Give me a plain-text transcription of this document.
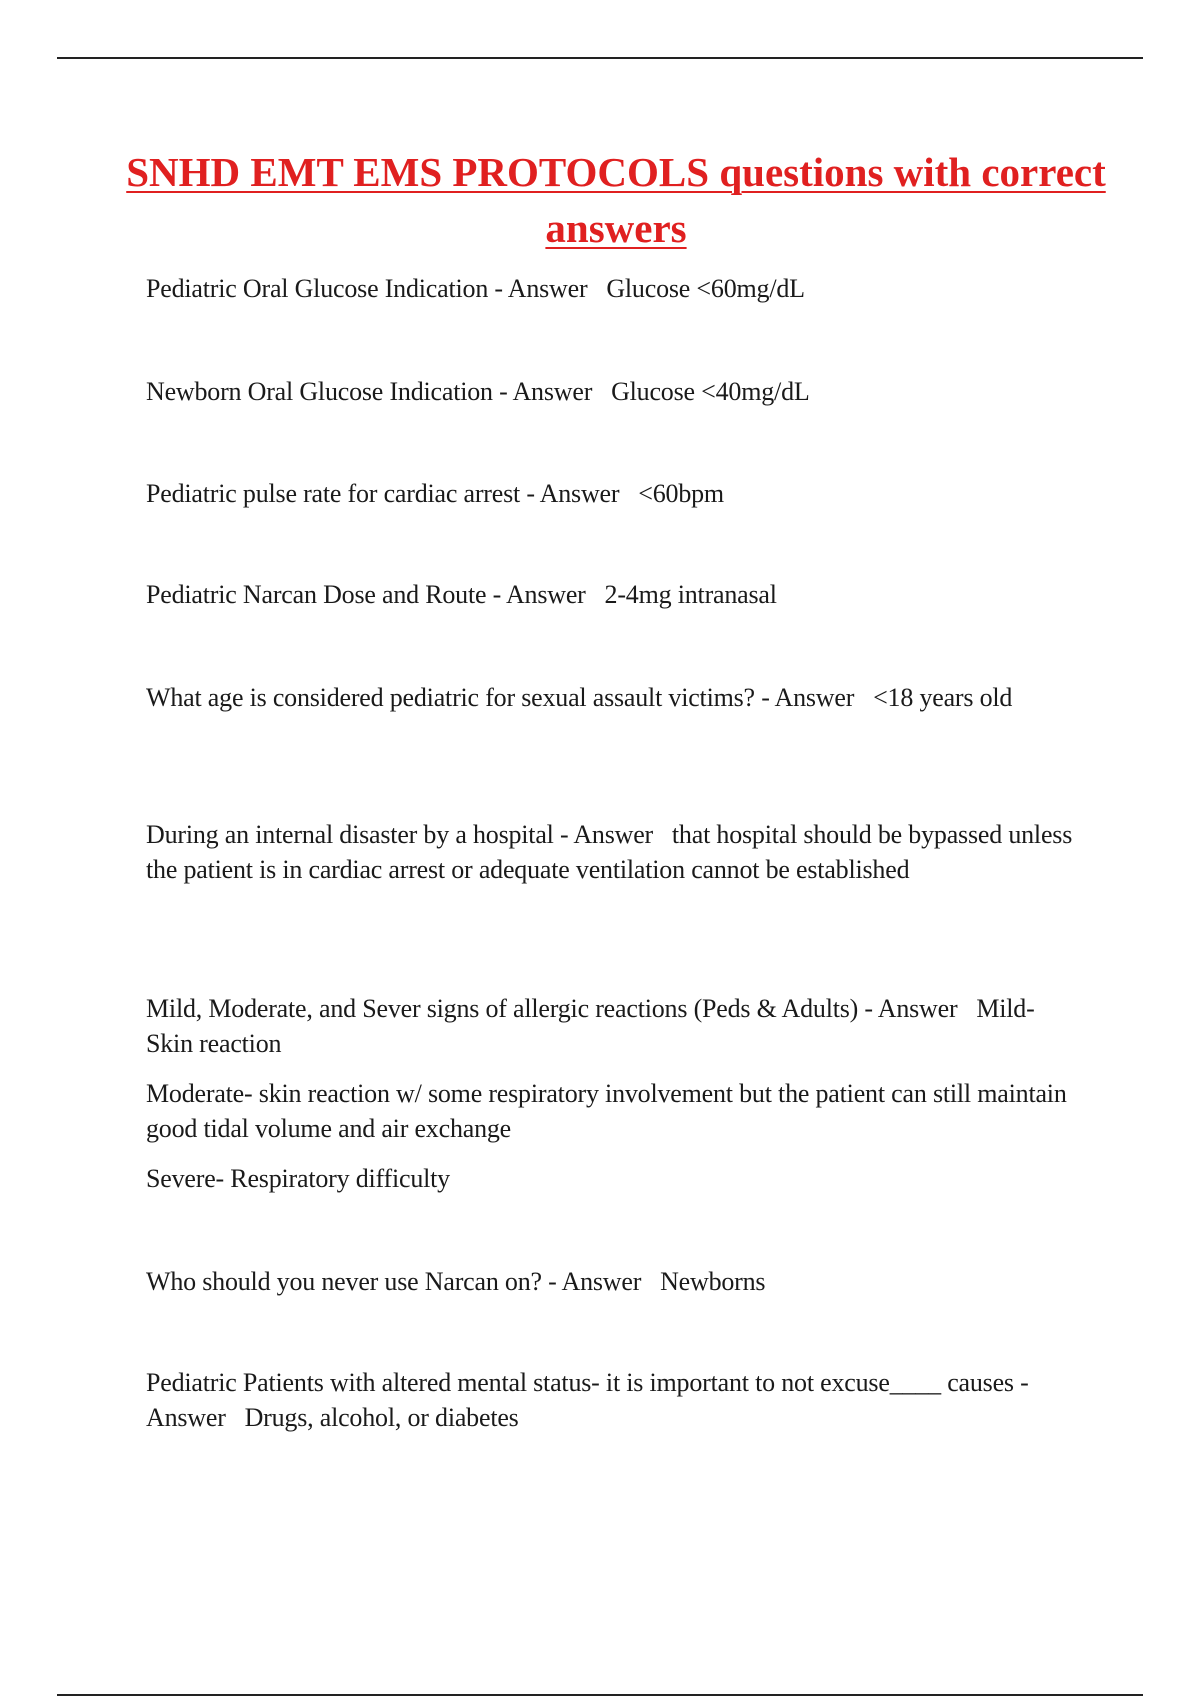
SNHD EMT EMS PROTOCOLS questions with correct answers

Pediatric Oral Glucose Indication - Answer Glucose <60mg/dL

Newborn Oral Glucose Indication - Answer Glucose <40mg/dL

Pediatric pulse rate for cardiac arrest - Answer <60bpm

Pediatric Narcan Dose and Route - Answer 2-4mg intranasal

What age is considered pediatric for sexual assault victims? - Answer <18 years old

During an internal disaster by a hospital - Answer that hospital should be bypassed unless the patient is in cardiac arrest or adequate ventilation cannot be established

Mild, Moderate, and Sever signs of allergic reactions (Peds & Adults) - Answer Mild- Skin reaction

Moderate- skin reaction w/ some respiratory involvement but the patient can still maintain good tidal volume and air exchange

Severe- Respiratory difficulty

Who should you never use Narcan on? - Answer Newborns

Pediatric Patients with altered mental status- it is important to not excuse____ causes - Answer Drugs, alcohol, or diabetes
